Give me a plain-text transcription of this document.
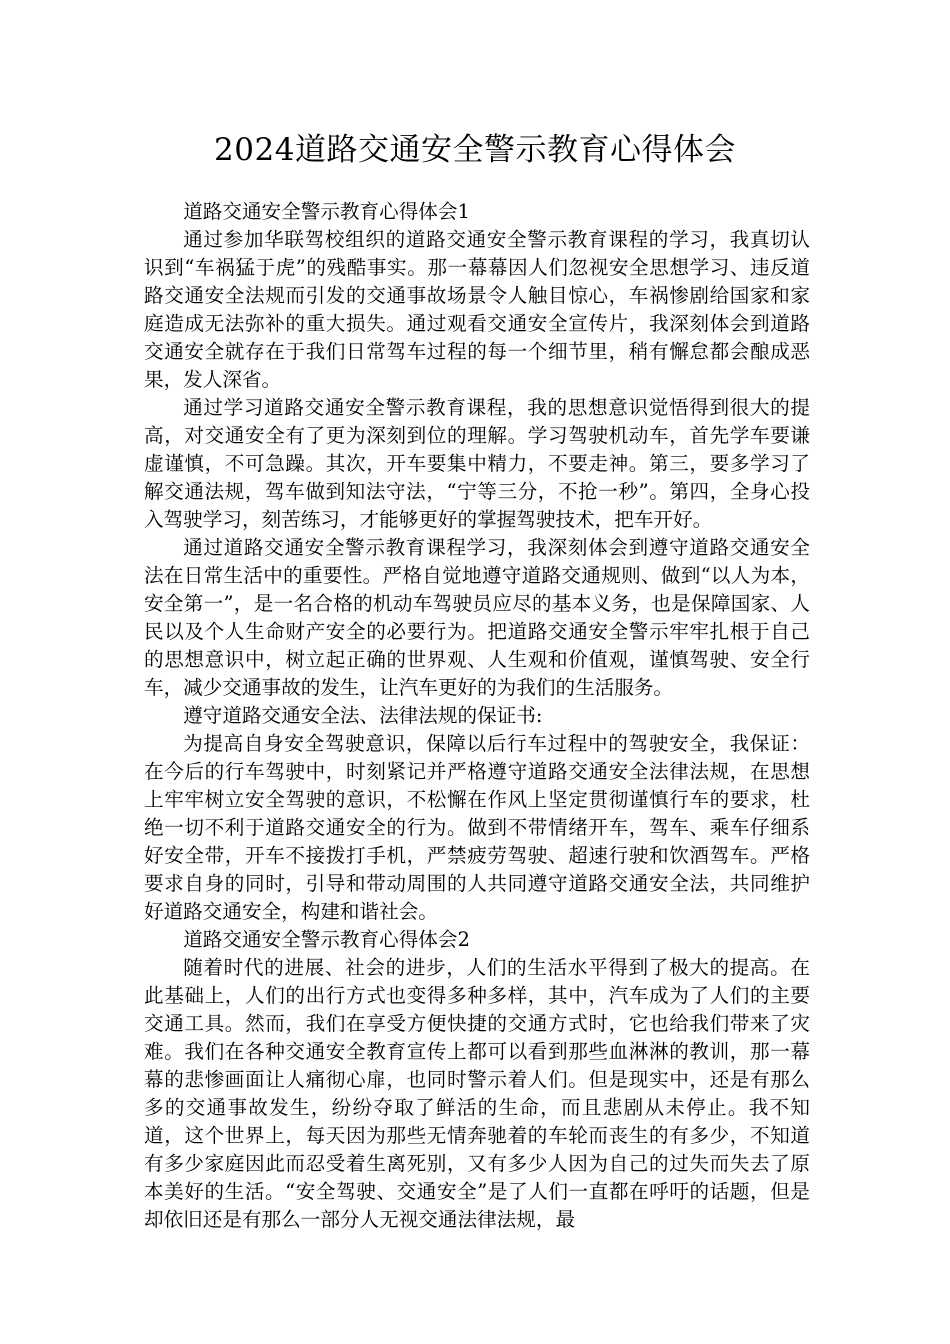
2024道路交通安全警示教育心得体会

道路交通安全警示教育心得体会1

通过参加华联驾校组织的道路交通安全警示教育课程的学习，我真切认识到“车祸猛于虎”的残酷事实。那一幕幕因人们忽视安全思想学习、违反道路交通安全法规而引发的交通事故场景令人触目惊心，车祸惨剧给国家和家庭造成无法弥补的重大损失。通过观看交通安全宣传片，我深刻体会到道路交通安全就存在于我们日常驾车过程的每一个细节里，稍有懈怠都会酿成恶果，发人深省。

通过学习道路交通安全警示教育课程，我的思想意识觉悟得到很大的提高，对交通安全有了更为深刻到位的理解。学习驾驶机动车，首先学车要谦虚谨慎，不可急躁。其次，开车要集中精力，不要走神。第三，要多学习了解交通法规，驾车做到知法守法，“宁等三分，不抢一秒”。第四，全身心投入驾驶学习，刻苦练习，才能够更好的掌握驾驶技术，把车开好。

通过道路交通安全警示教育课程学习，我深刻体会到遵守道路交通安全法在日常生活中的重要性。严格自觉地遵守道路交通规则、做到“以人为本，安全第一”，是一名合格的机动车驾驶员应尽的基本义务，也是保障国家、人民以及个人生命财产安全的必要行为。把道路交通安全警示牢牢扎根于自己的思想意识中，树立起正确的世界观、人生观和价值观，谨慎驾驶、安全行车，减少交通事故的发生，让汽车更好的为我们的生活服务。

遵守道路交通安全法、法律法规的保证书:

为提高自身安全驾驶意识，保障以后行车过程中的驾驶安全，我保证：在今后的行车驾驶中，时刻紧记并严格遵守道路交通安全法律法规，在思想上牢牢树立安全驾驶的意识，不松懈在作风上坚定贯彻谨慎行车的要求，杜绝一切不利于道路交通安全的行为。做到不带情绪开车，驾车、乘车仔细系好安全带，开车不接拨打手机，严禁疲劳驾驶、超速行驶和饮酒驾车。严格要求自身的同时，引导和带动周围的人共同遵守道路交通安全法，共同维护好道路交通安全，构建和谐社会。

道路交通安全警示教育心得体会2

随着时代的进展、社会的进步，人们的生活水平得到了极大的提高。在此基础上，人们的出行方式也变得多种多样，其中，汽车成为了人们的主要交通工具。然而，我们在享受方便快捷的交通方式时，它也给我们带来了灾难。我们在各种交通安全教育宣传上都可以看到那些血淋淋的教训，那一幕幕的悲惨画面让人痛彻心扉，也同时警示着人们。但是现实中，还是有那么多的交通事故发生，纷纷夺取了鲜活的生命，而且悲剧从未停止。我不知道，这个世界上，每天因为那些无情奔驰着的车轮而丧生的有多少，不知道有多少家庭因此而忍受着生离死别，又有多少人因为自己的过失而失去了原本美好的生活。“安全驾驶、交通安全”是了人们一直都在呼吁的话题，但是却依旧还是有那么一部分人无视交通法律法规，最
